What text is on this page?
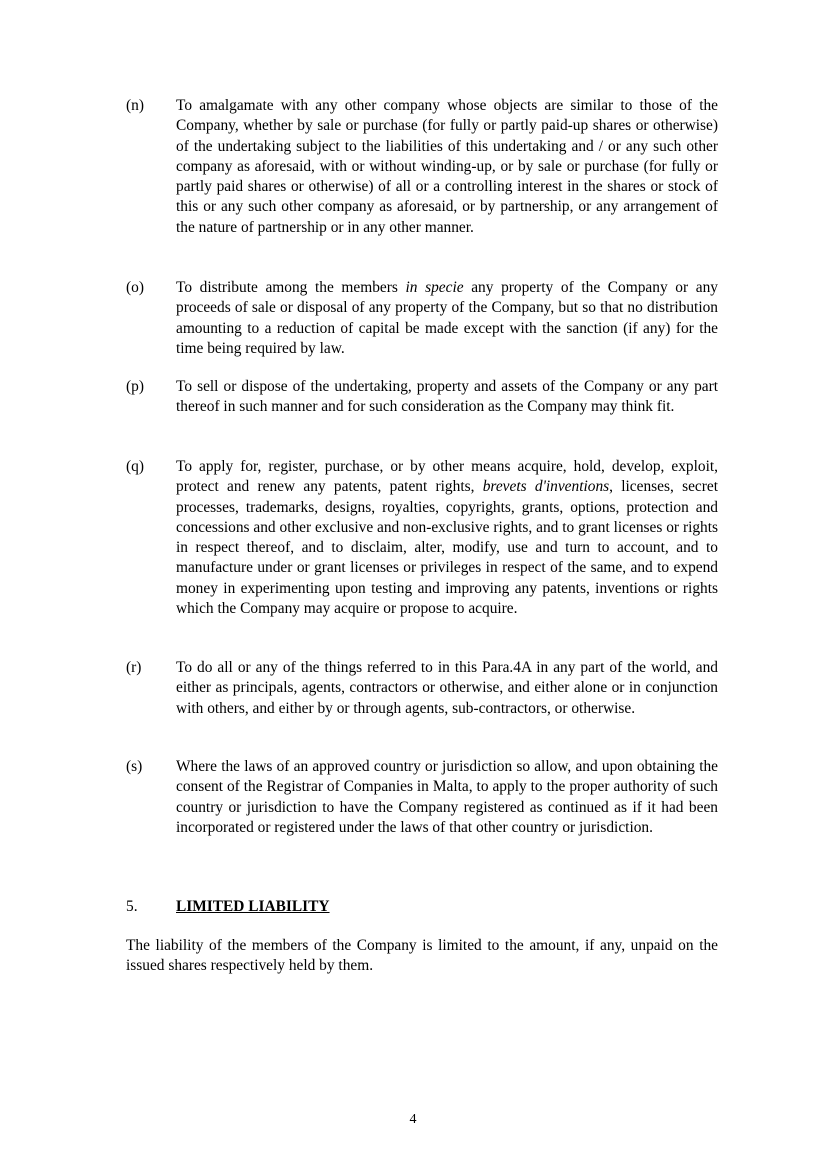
(n)	To amalgamate with any other company whose objects are similar to those of the Company, whether by sale or purchase (for fully or partly paid-up shares or otherwise) of the undertaking subject to the liabilities of this undertaking and / or any such other company as aforesaid, with or without winding-up, or by sale or purchase (for fully or partly paid shares or otherwise) of all or a controlling interest in the shares or stock of this or any such other company as aforesaid, or by partnership, or any arrangement of the nature of partnership or in any other manner.
(o)	To distribute among the members in specie any property of the Company or any proceeds of sale or disposal of any property of the Company, but so that no distribution amounting to a reduction of capital be made except with the sanction (if any) for the time being required by law.
(p)	To sell or dispose of the undertaking, property and assets of the Company or any part thereof in such manner and for such consideration as the Company may think fit.
(q)	To apply for, register, purchase, or by other means acquire, hold, develop, exploit, protect and renew any patents, patent rights, brevets d'inventions, licenses, secret processes, trademarks, designs, royalties, copyrights, grants, options, protection and concessions and other exclusive and non-exclusive rights, and to grant licenses or rights in respect thereof, and to disclaim, alter, modify, use and turn to account, and to manufacture under or grant licenses or privileges in respect of the same, and to expend money in experimenting upon testing and improving any patents, inventions or rights which the Company may acquire or propose to acquire.
(r)	To do all or any of the things referred to in this Para.4A in any part of the world, and either as principals, agents, contractors or otherwise, and either alone or in conjunction with others, and either by or through agents, sub-contractors, or otherwise.
(s)	Where the laws of an approved country or jurisdiction so allow, and upon obtaining the consent of the Registrar of Companies in Malta, to apply to the proper authority of such country or jurisdiction to have the Company registered as continued as if it had been incorporated or registered under the laws of that other country or jurisdiction.
5.	LIMITED LIABILITY
The liability of the members of the Company is limited to the amount, if any, unpaid on the issued shares respectively held by them.
4
